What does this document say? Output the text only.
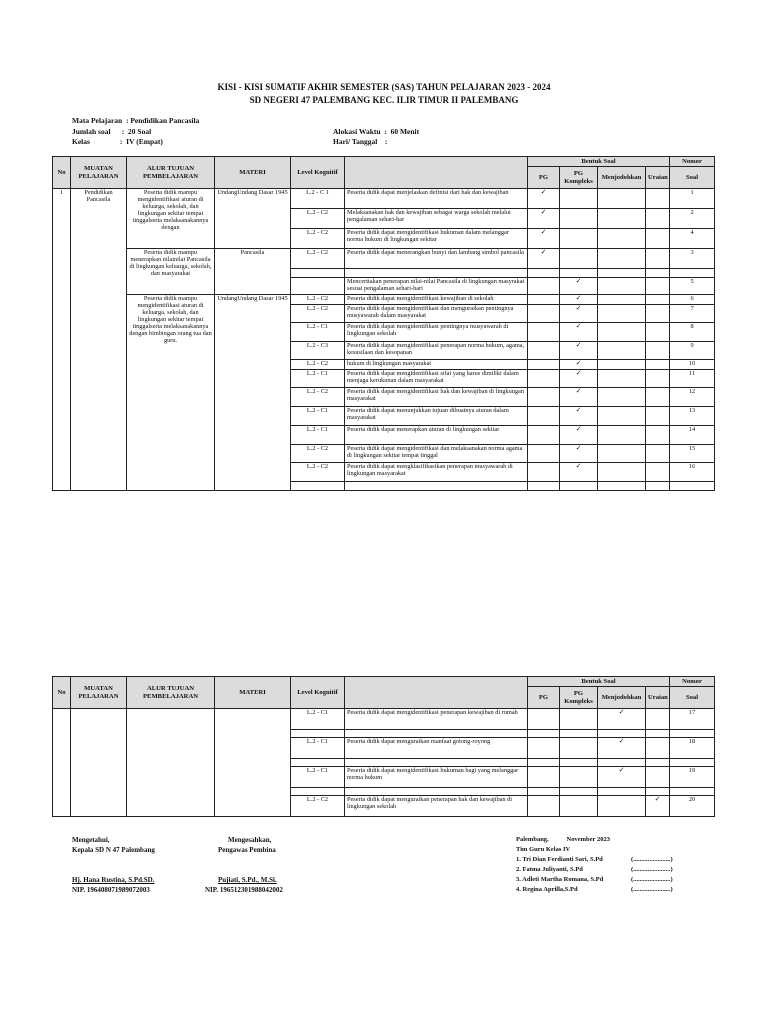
KISI - KISI SUMATIF AKHIR SEMESTER (SAS) TAHUN PELAJARAN 2023 - 2024
SD NEGERI 47 PALEMBANG KEC. ILIR TIMUR II PALEMBANG
Mata Pelajaran  : Pendidikan Pancasila
Jumlah soal      :  20 Soal
Kelas                :  IV (Empat)
Alokasi Waktu  :  60 Menit
Hari/ Tanggal    :
No	MUATAN PELAJARAN	ALUR TUJUAN PEMBELAJARAN	MATERI	Level Kognitif		Bentuk Soal				Nomor
						PG	PG Kompleks	Menjodohkan	Uraian	Soal
1	Pendidikan Pancasila	Peserta didik mampu mengidentifikasi aturan di keluarga, sekolah, dan lingkungan sekitar tempat tinggalserta melaksanakannya dengan	UndangUndang Dasar 1945	L.2 - C 1	Peserta didik dapat menjelaskan definisi dari hak dan kewajiban	✓				1
				L.2 - C2	Melaksanakan hak dan kewajiban sebagai warga sekolah melalui pengalaman sehari-har	✓				2
				L.2 - C2	Peserta didik dapat mengidentifikasi hukuman dalam melanggar norma hukum di lingkungan sekitar	✓				4
		Peserta didik mampu menerapkan nilainilai Pancasila di lingkungan keluarga, sekolah, dan masyarakat	Pancasila	L.2 - C2	Peserta didik dapat menerangkan bunyi dan lambang simbol pancasila	✓				3

					Mencerttakan penerapan nilai-nilai Pancasila di lingkungan masyrakat sesuai pengalaman sehari-hari		✓			5
		Peserta didik mampu mengidentifikasi aturan di keluarga, sekolah, dan lingkungan sekitar tempat tinggalserta melaksanakannya dengan bimbingan orang tua dan guru.	UndangUndang Dasar 1945	L.2 - C2	Peserta didik dapat mengidentifikasi kewajiban di sekolah		✓			6
				L.2 - C2	Peserta didik dapat mengidentifikasi dan menguraikan pentingnya musyawarah dalam masyarakat		✓			7
				L.2 - C1	Peserta didik dapat mengidentifikasi pentingnya musyawarah di lingkungan sekolah		✓			8
				L.2 - C3	Peserta didik dapat mengidentifikasi penerapan norma hukum, agama, kesusilaan dan kesopanan		✓			9
				L.2 - C2	hukum di lingkungan masyarakat		✓			10
				L.2 - C1	Peserta didik dapat mengidentifikasi sifat yang harus dimiliki dalam menjaga kerukunan dalam masyarakat		✓			11
				L.2 - C2	Peserta didik dapat mengidentifikasi hak dan kewajiban di lingkungan masyarakat		✓			12
				L.2 - C1	Peserta didik dapat menunjukkan tujuan dibuatnya aturan dalam masyarakat		✓			13
				L.2 - C1	Peserta didik dapat menerapkan aturan di lingkungan sekitar		✓			14
				L.2 - C2	Peserta didik dapat mengidentifikasi dan melaksanakan norma agama di lingkungan sekitar tempat tinggal		✓			15
				L.2 - C2	Peserta didik dapat mengklasifikasikan penerapan musyawarah di lingkungan masyarakat		✓			16

No	MUATAN PELAJARAN	ALUR TUJUAN PEMBELAJARAN	MATERI	Level Kognitif		Bentuk Soal				Nomor
						PG	PG Kompleks	Menjodohkan	Uraian	Soal
				L.2 - C1	Peserta didik dapat mengidentifikasi penerapan kewajiban di rumah			✓		17

				L.2 - C1	Peserta didik dapat menguraikan manfaat gotong-royong			✓		18

				L.2 - C1	Peserta didik dapat mengidentifikasi hukuman bagi yang melanggar norma hukum			✓		19

				L.2 - C2	Peserta didik dapat menguraikan penerapan hak dan kewajiban di lingkungan sekolah				✓	20
Mengetahui,
Kepala SD N 47 Palembang
Hj. Hana Rustina, S.Pd.SD.
NIP. 196408071989072003
Mengesahkan,
Pengawas Pembina
Pujiati, S.Pd., M.Si.
NIP. 196512301988042002
Palembang,           November 2023
Tim Guru Kelas IV
1. Tri Dian Ferdianti Sari, S.Pd	(.......................)
2. Fatma Juliyanti, S.Pd	(.......................)
3. Adleti Martha Romana, S.Pd	(.......................)
4. Regina Aprilla,S.Pd	(.......................)
